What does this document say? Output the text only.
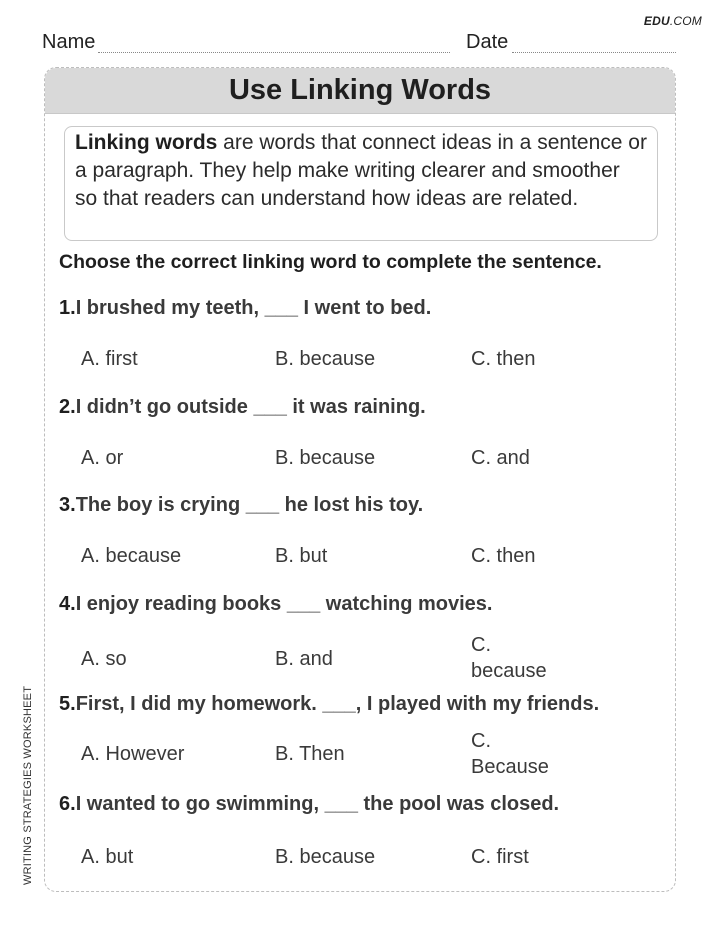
EDU.COM
WRITING STRATEGIES WORKSHEET
Name	Date
Use Linking Words
Linking words are words that connect ideas in a sentence or a paragraph. They help make writing clearer and smoother so that readers can understand how ideas are related.
Choose the correct linking word to complete the sentence.
1.I brushed my teeth, ___ I went to bed.
A. first	B. because	C. then
2.I didn’t go outside ___ it was raining.
A. or	B. because	C. and
3.The boy is crying ___ he lost his toy.
A. because	B. but	C. then
4.I enjoy reading books ___ watching movies.
A. so	B. and
C. because
5.First, I did my homework. ___, I played with my friends.
A. However	B. Then
C. Because
6.I wanted to go swimming, ___ the pool was closed.
A. but	B. because	C. first
